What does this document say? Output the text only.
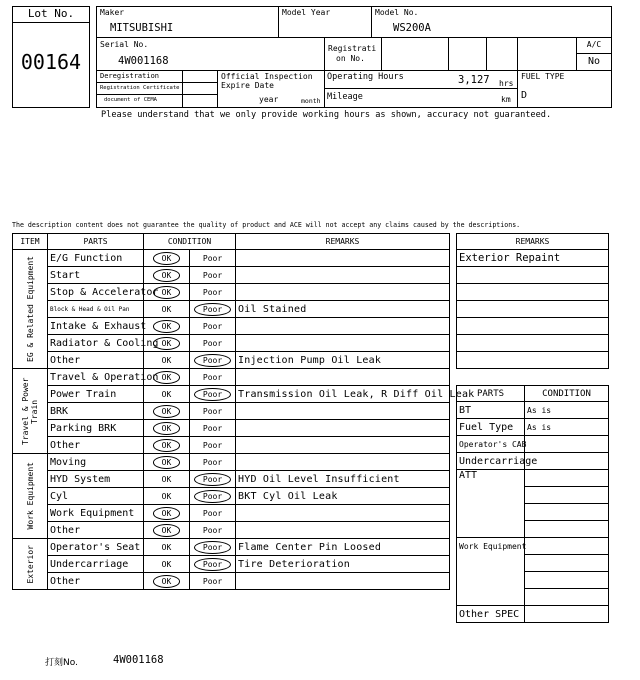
Lot No.
00164
Maker
MITSUBISHI
Model Year	Model No.
WS200A
Serial No.
4W001168
Registrati
on No.
A/C
No
Deregistration
Registration Certificate
document of CEMA
Official Inspection
Expire Date
year	month
Operating Hours	3,127 hrs
Mileage	km
FUEL TYPE
D
Please understand that we only provide working hours as shown, accuracy not guaranteed.
The description content does not guarantee the quality of product and ACE will not accept any claims caused by the descriptions.
ITEM	PARTS	CONDITION		REMARKS

EG & Related Equipment	E/G Function	OK	Poor	
	Start	OK	Poor	
	Stop & Accelerator	OK	Poor	
	Block & Head & Oil Pan	OK	Poor	Oil Stained
	Intake & Exhaust	OK	Poor	
	Radiator & Cooling	OK	Poor	
	Other	OK	Poor	Injection Pump Oil Leak

Travel & Power Train	Travel & Operation	OK	Poor	
	Power Train	OK	Poor	Transmission Oil Leak, R Diff Oil Leak
	BRK	OK	Poor	
	Parking BRK	OK	Poor	
	Other	OK	Poor	

Work Equipment	Moving	OK	Poor	
	HYD System	OK	Poor	HYD Oil Level Insufficient
	Cyl	OK	Poor	BKT Cyl Oil Leak
	Work Equipment	OK	Poor	
	Other	OK	Poor	

Exterior	Operator's Seat	OK	Poor	Flame Center Pin Loosed
	Undercarriage	OK	Poor	Tire Deterioration
	Other	OK	Poor	
REMARKS
Exterior Repaint

PARTS	CONDITION
BT	As is
Fuel Type	As is
Operator's CAB	
Undercarriage	
ATT	

Work Equipment	

Other SPEC	
打刻No.	4W001168
